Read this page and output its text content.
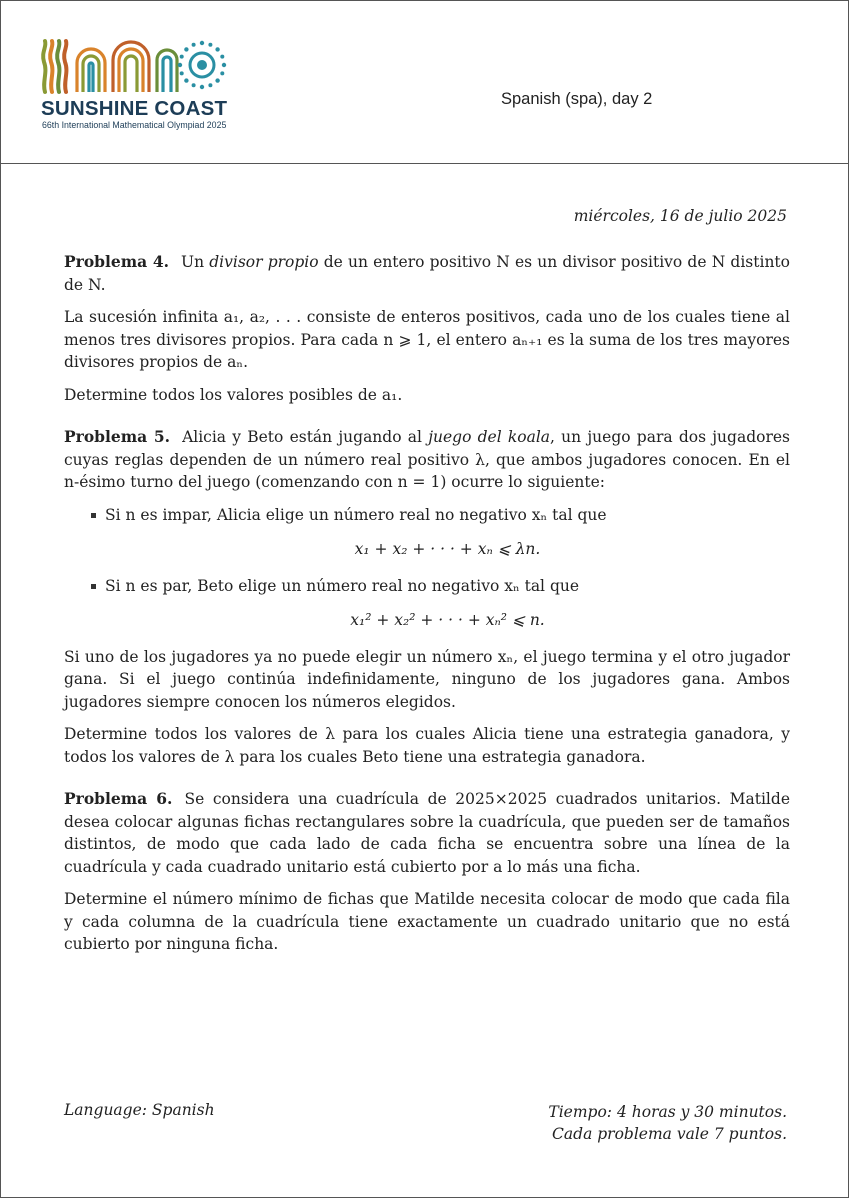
SUNSHINE COAST
66th International Mathematical Olympiad 2025
Spanish (spa), day 2
miércoles, 16 de julio 2025

Problema 4. Un divisor propio de un entero positivo N es un divisor positivo de N distinto de N.

La sucesión infinita a₁, a₂, . . . consiste de enteros positivos, cada uno de los cuales tiene al menos tres divisores propios. Para cada n ⩾ 1, el entero aₙ₊₁ es la suma de los tres mayores divisores propios de aₙ.

Determine todos los valores posibles de a₁.

Problema 5. Alicia y Beto están jugando al juego del koala, un juego para dos jugadores cuyas reglas dependen de un número real positivo λ, que ambos jugadores conocen. En el n-ésimo turno del juego (comenzando con n = 1) ocurre lo siguiente:

Si n es impar, Alicia elige un número real no negativo xₙ tal que
x₁ + x₂ + · · · + xₙ ⩽ λn.
Si n es par, Beto elige un número real no negativo xₙ tal que
x₁² + x₂² + · · · + xₙ² ⩽ n.

Si uno de los jugadores ya no puede elegir un número xₙ, el juego termina y el otro jugador gana. Si el juego continúa indefinidamente, ninguno de los jugadores gana. Ambos jugadores siempre conocen los números elegidos.

Determine todos los valores de λ para los cuales Alicia tiene una estrategia ganadora, y todos los valores de λ para los cuales Beto tiene una estrategia ganadora.

Problema 6. Se considera una cuadrícula de 2025×2025 cuadrados unitarios. Matilde desea colocar algunas fichas rectangulares sobre la cuadrícula, que pueden ser de tamaños distintos, de modo que cada lado de cada ficha se encuentra sobre una línea de la cuadrícula y cada cuadrado unitario está cubierto por a lo más una ficha.

Determine el número mínimo de fichas que Matilde necesita colocar de modo que cada fila y cada columna de la cuadrícula tiene exactamente un cuadrado unitario que no está cubierto por ninguna ficha.

Language: Spanish	Tiempo: 4 horas y 30 minutos.
Cada problema vale 7 puntos.
